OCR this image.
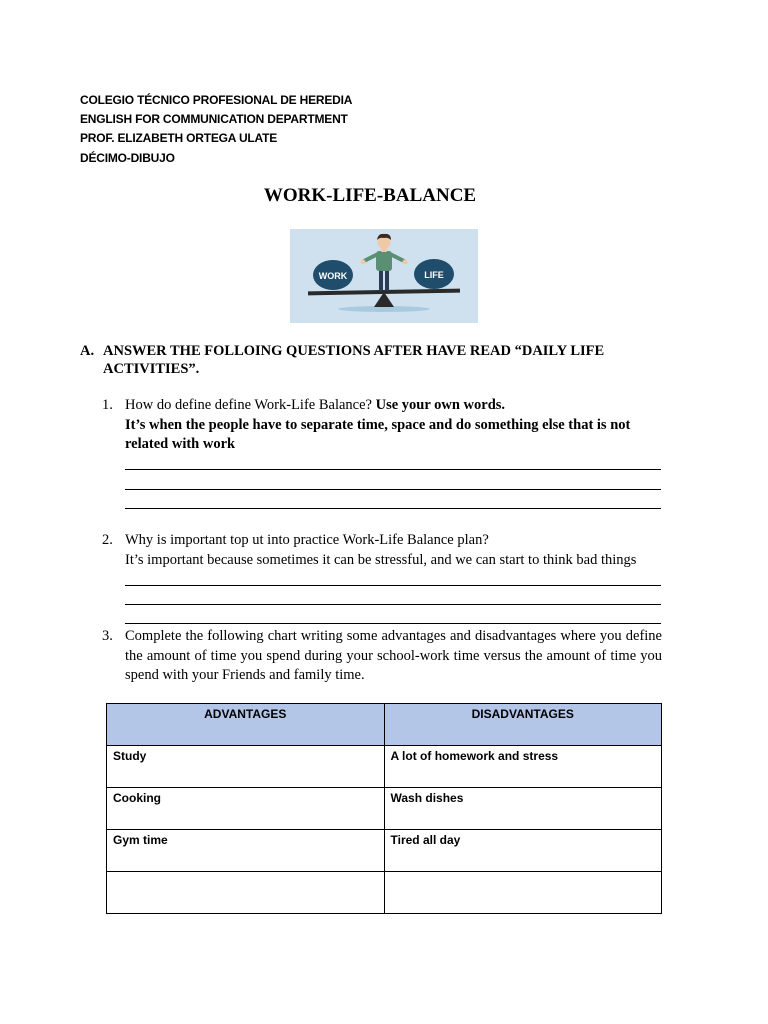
COLEGIO TÉCNICO PROFESIONAL DE HEREDIA
ENGLISH FOR COMMUNICATION DEPARTMENT
PROF. ELIZABETH ORTEGA ULATE
DÉCIMO-DIBUJO
WORK-LIFE-BALANCE
WORK	LIFE
A. ANSWER THE FOLLOING QUESTIONS AFTER HAVE READ “DAILY LIFE ACTIVITIES”.
1. How do define define Work-Life Balance? Use your own words.
It’s when the people have to separate time, space and do something else that is not related with work
2. Why is important top ut into practice Work-Life Balance plan?
It’s important because sometimes it can be stressful, and we can start to think bad things
3. Complete the following chart writing some advantages and disadvantages where you define the amount of time you spend during your school-work time versus the amount of time you spend with your Friends and family time.
ADVANTAGES	DISADVANTAGES
Study	A lot of homework and stress
Cooking	Wash dishes
Gym time	Tired all day
